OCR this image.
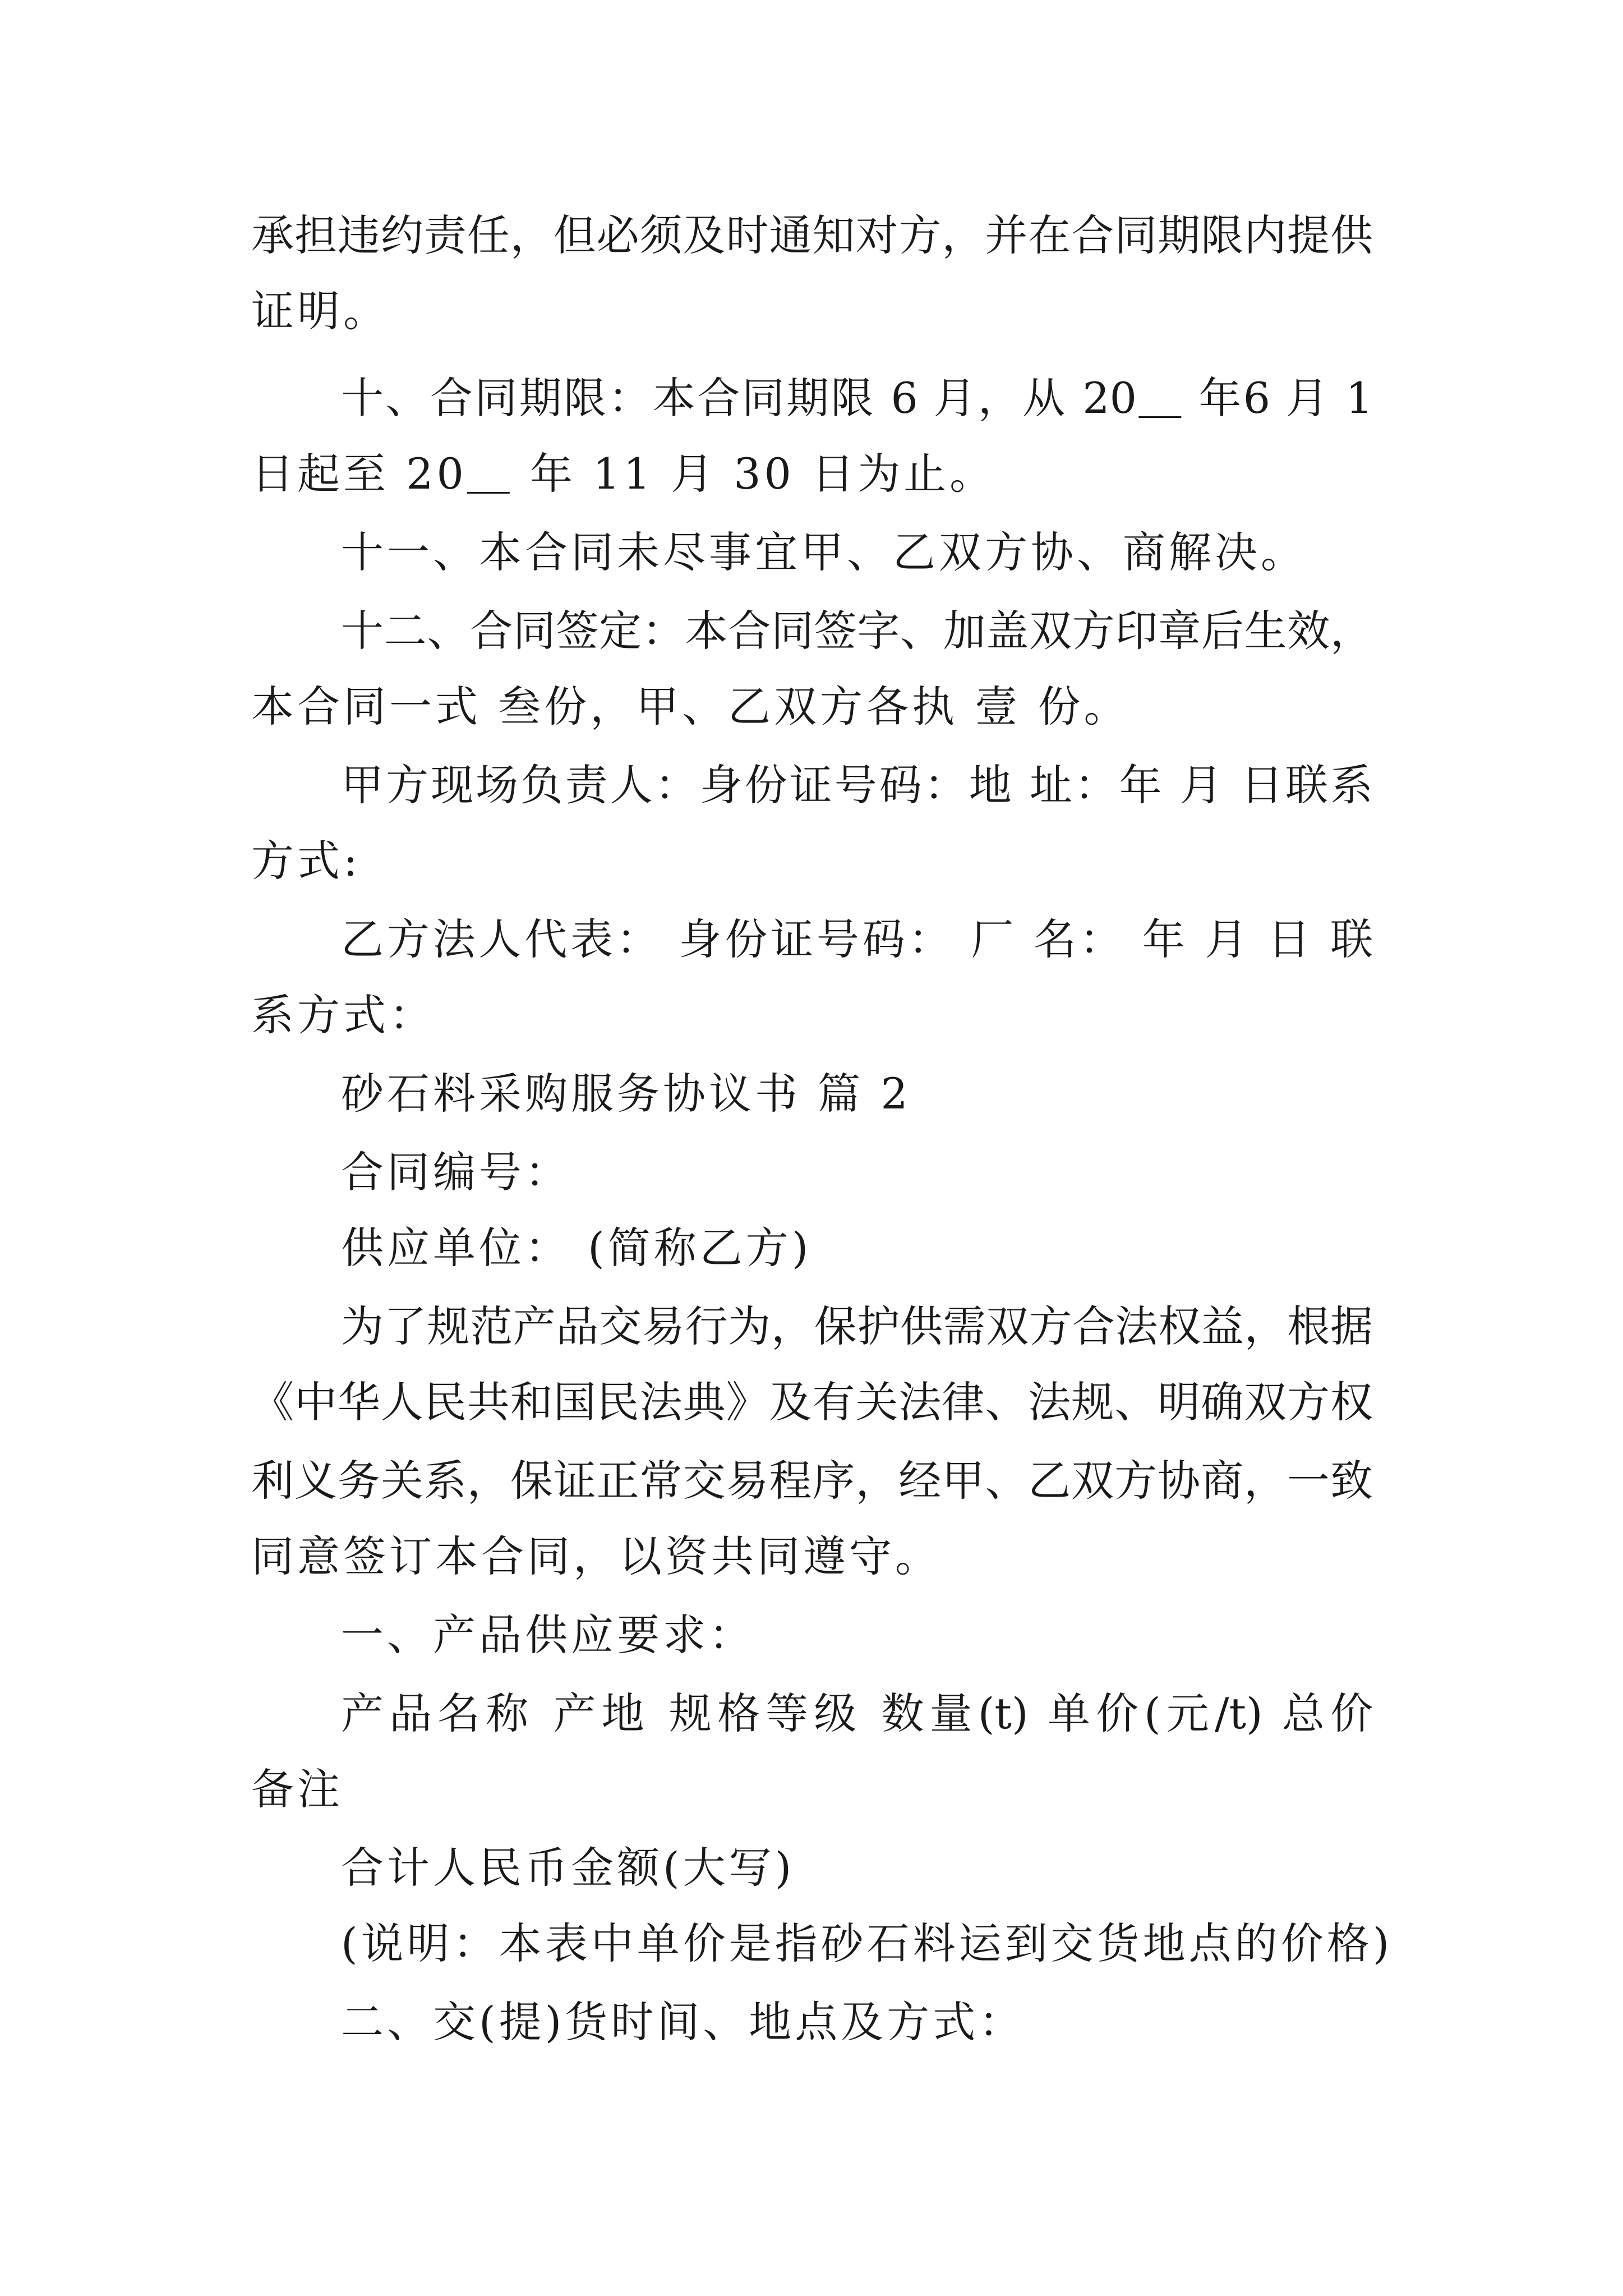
承担违约责任，但必须及时通知对方，并在合同期限内提供
证明。
十、合同期限：本合同期限 6 月，从 20＿ 年6 月 1
日起至 20＿ 年 11 月 30 日为止。
十一、本合同未尽事宜甲、乙双方协、商解决。
十二、合同签定：本合同签字、加盖双方印章后生效，
本合同一式 叁份，甲、乙双方各执 壹 份。
甲方现场负责人：身份证号码：地 址：年 月 日联系
方式:
乙方法人代表： 身份证号码： 厂 名： 年 月 日 联
系方式：
砂石料采购服务协议书 篇 2
合同编号：
供应单位： (简称乙方)
为了规范产品交易行为，保护供需双方合法权益，根据
《中华人民共和国民法典》及有关法律、法规、明确双方权
利义务关系，保证正常交易程序，经甲、乙双方协商，一致
同意签订本合同，以资共同遵守。
一、产品供应要求：
产品名称 产地 规格等级 数量(t) 单价(元/t) 总价
备注
合计人民币金额(大写)
(说明：本表中单价是指砂石料运到交货地点的价格)
二、交(提)货时间、地点及方式：
